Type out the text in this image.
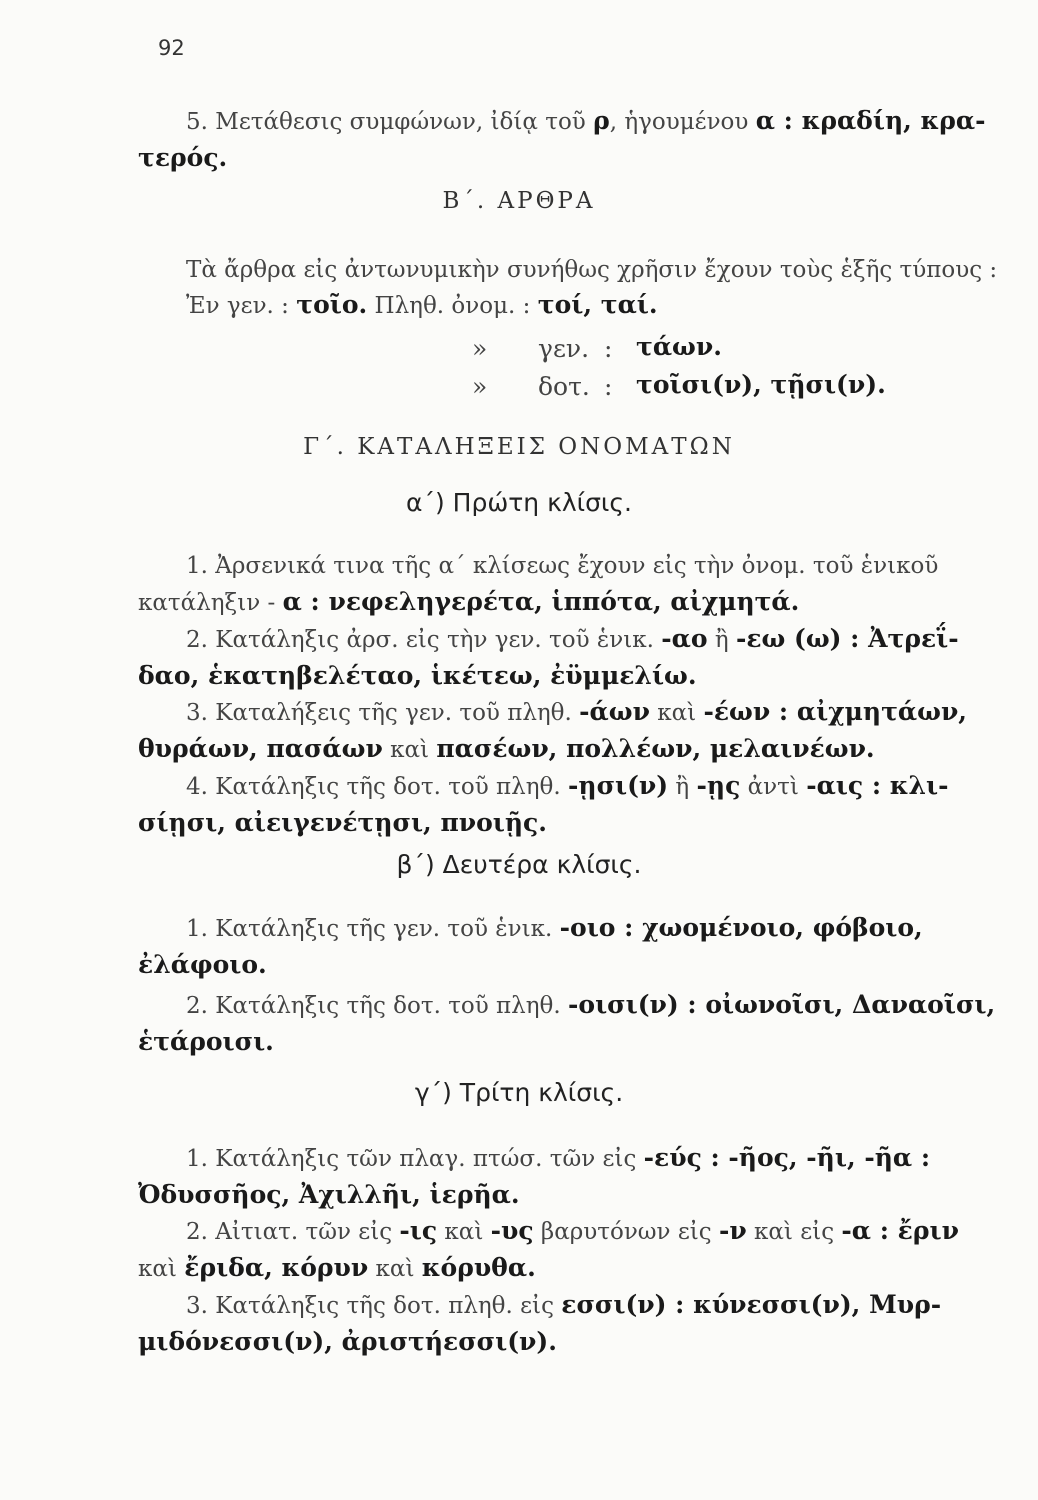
92
5. Μετάθεσις συμφώνων, ἰδίᾳ τοῦ ρ, ἡγουμένου α : κραδίη, κρα-
τερός.
Β΄. ΑΡΘΡΑ
Τὰ ἄρθρα εἰς ἀντωνυμικὴν συνήθως χρῆσιν ἔχουν τοὺς ἑξῆς τύπους :
Ἐν γεν. : τοῖο. Πληθ. ὀνομ. : τοί, ταί.
» γεν. : τάων.
» δοτ. : τοῖσι(ν), τῇσι(ν).
Γ΄. ΚΑΤΑΛΗΞΕΙΣ ΟΝΟΜΑΤΩΝ
α΄) Πρώτη κλίσις.
1. Ἀρσενικά τινα τῆς α΄ κλίσεως ἔχουν εἰς τὴν ὀνομ. τοῦ ἑνικοῦ
κατάληξιν - α : νεφεληγερέτα, ἱππότα, αἰχμητά.
2. Κατάληξις ἀρσ. εἰς τὴν γεν. τοῦ ἑνικ. -αο ἢ -εω (ω) : Ἀτρεΐ-
δαο, ἑκατηβελέταο, ἱκέτεω, ἐϋμμελίω.
3. Καταλήξεις τῆς γεν. τοῦ πληθ. -άων καὶ -έων : αἰχμητάων,
θυράων, πασάων καὶ πασέων, πολλέων, μελαινέων.
4. Κατάληξις τῆς δοτ. τοῦ πληθ. -ῃσι(ν) ἢ -ῃς ἀντὶ -αις : κλι-
σίῃσι, αἰειγενέτῃσι, πνοιῇς.
β΄) Δευτέρα κλίσις.
1. Κατάληξις τῆς γεν. τοῦ ἑνικ. -οιο : χωομένοιο, φόβοιο,
ἐλάφοιο.
2. Κατάληξις τῆς δοτ. τοῦ πληθ. -οισι(ν) : οἰωνοῖσι, Δαναοῖσι,
ἑτάροισι.
γ΄) Τρίτη κλίσις.
1. Κατάληξις τῶν πλαγ. πτώσ. τῶν εἰς -εύς : -ῆος, -ῆι, -ῆα :
Ὀδυσσῆος, Ἀχιλλῆι, ἱερῆα.
2. Αἰτιατ. τῶν εἰς -ις καὶ -υς βαρυτόνων εἰς -ν καὶ εἰς -α : ἔριν
καὶ ἔριδα, κόρυν καὶ κόρυθα.
3. Κατάληξις τῆς δοτ. πληθ. εἰς εσσι(ν) : κύνεσσι(ν), Μυρ-
μιδόνεσσι(ν), ἀριστήεσσι(ν).
